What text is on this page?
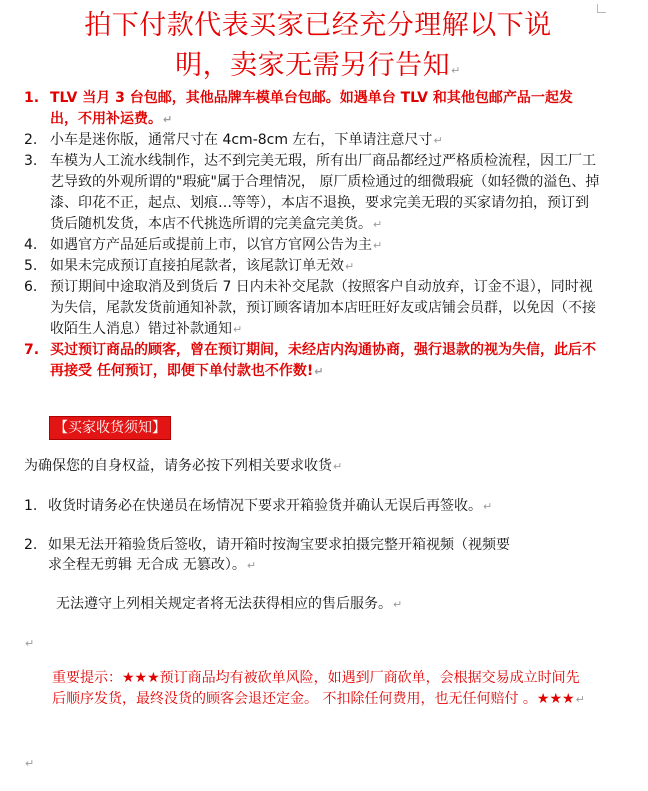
拍下付款代表买家已经充分理解以下说
明，卖家无需另行告知↵
1. TLV 当月 3 台包邮，其他品牌车模单台包邮。如遇单台 TLV 和其他包邮产品一起发出，不用补运费。↵
2. 小车是迷你版，通常尺寸在 4cm-8cm 左右，下单请注意尺寸↵
3. 车模为人工流水线制作，达不到完美无瑕，所有出厂商品都经过严格质检流程，因工厂工艺导致的外观所谓的"瑕疵"属于合理情况， 原厂质检通过的细微瑕疵（如轻微的溢色、掉漆、印花不正，起点、划痕…等等），本店不退换，要求完美无瑕的买家请勿拍，预订到货后随机发货，本店不代挑选所谓的完美盒完美货。↵
4. 如遇官方产品延后或提前上市，以官方官网公告为主↵
5. 如果未完成预订直接拍尾款者，该尾款订单无效↵
6. 预订期间中途取消及到货后 7 日内未补交尾款（按照客户自动放弃，订金不退），同时视为失信，尾款发货前通知补款，预订顾客请加本店旺旺好友或店铺会员群，以免因（不接收陌生人消息）错过补款通知↵
7. 买过预订商品的顾客，曾在预订期间，未经店内沟通协商，强行退款的视为失信，此后不再接受 任何预订，即便下单付款也不作数!↵
【买家收货须知】
为确保您的自身权益，请务必按下列相关要求收货↵
1. 收货时请务必在快递员在场情况下要求开箱验货并确认无误后再签收。↵
2. 如果无法开箱验货后签收，请开箱时按淘宝要求拍摄完整开箱视频（视频要
求全程无剪辑 无合成 无篡改）。↵
无法遵守上列相关规定者将无法获得相应的售后服务。↵
↵
重要提示：★★★预订商品均有被砍单风险，如遇到厂商砍单，会根据交易成立时间先后顺序发货，最终没货的顾客会退还定金。 不扣除任何费用，也无任何赔付 。★★★↵
↵
